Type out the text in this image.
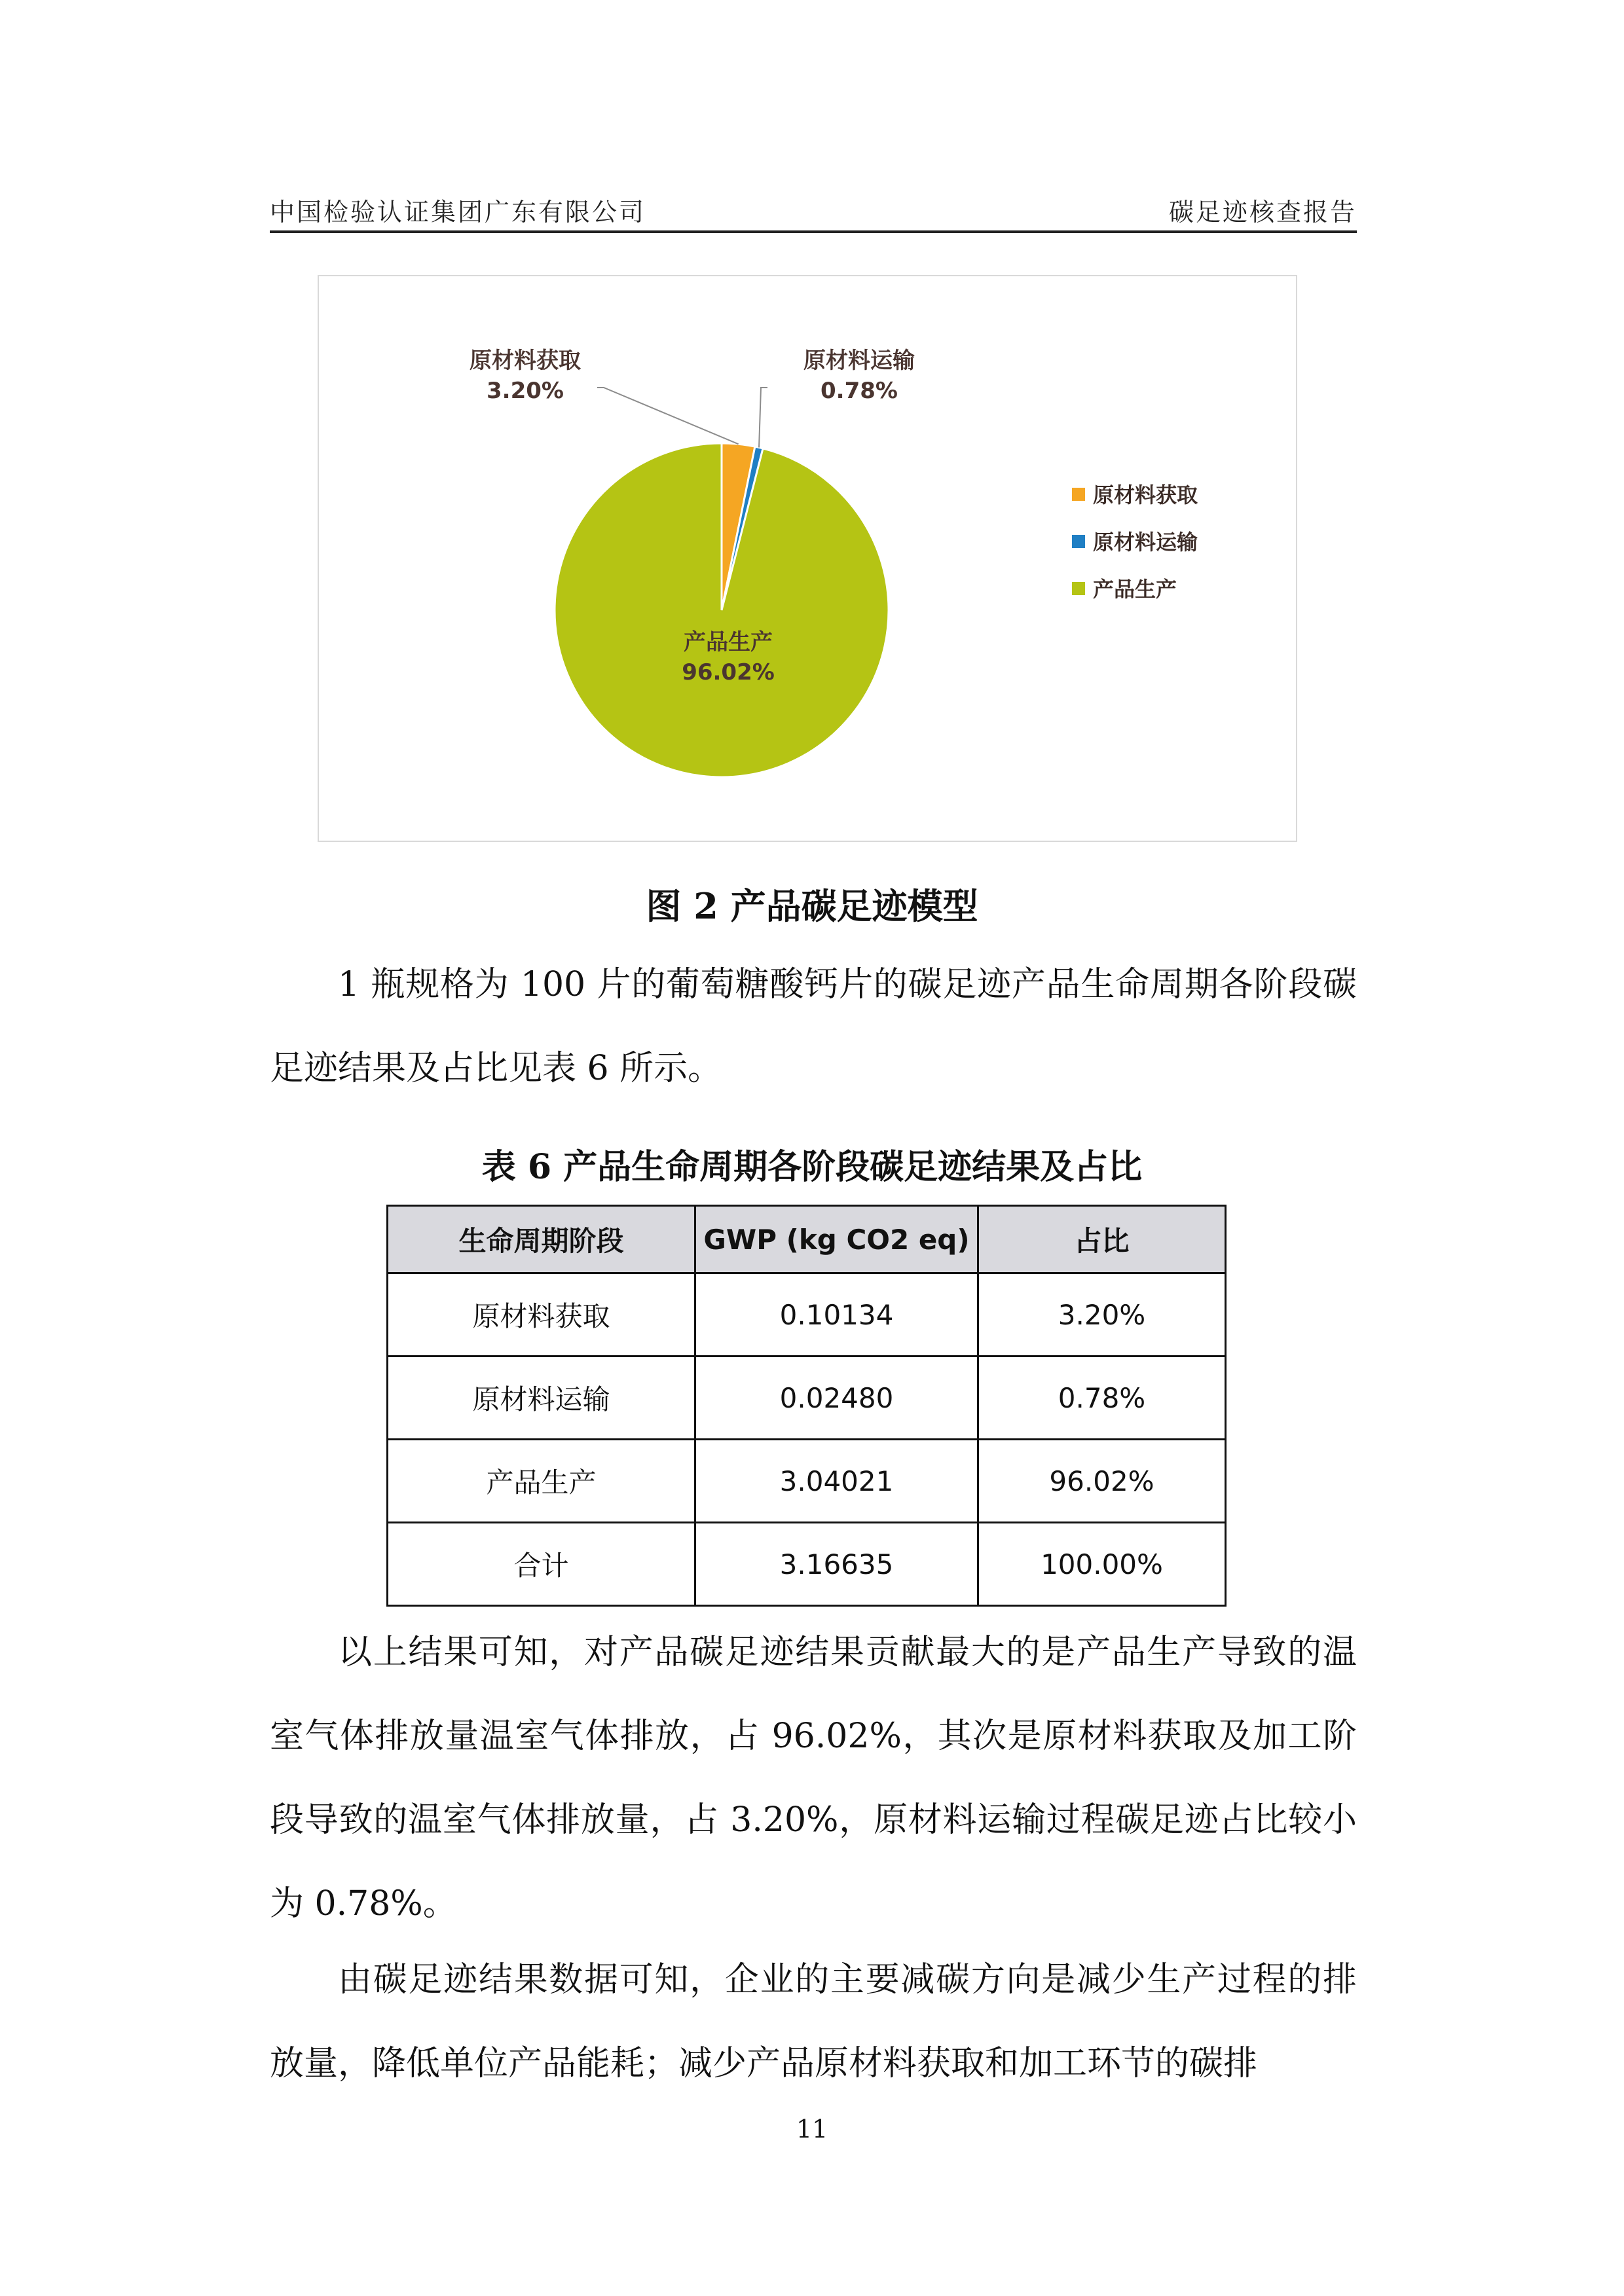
中国检验认证集团广东有限公司	碳足迹核查报告
原材料获取
3.20%
原材料运输
0.78%
产品生产
96.02%
原材料获取
原材料运输
产品生产
图 2 产品碳足迹模型

1 瓶规格为 100 片的葡萄糖酸钙片的碳足迹产品生命周期各阶段碳足迹结果及占比见表 6 所示。

表 6 产品生命周期各阶段碳足迹结果及占比
生命周期阶段	GWP (kg CO2 eq)	占比
原材料获取	0.10134	3.20%
原材料运输	0.02480	0.78%
产品生产	3.04021	96.02%
合计	3.16635	100.00%

以上结果可知，对产品碳足迹结果贡献最大的是产品生产导致的温室气体排放量温室气体排放，占 96.02%，其次是原材料获取及加工阶段导致的温室气体排放量，占 3.20%，原材料运输过程碳足迹占比较小为 0.78%。

由碳足迹结果数据可知，企业的主要减碳方向是减少生产过程的排放量，降低单位产品能耗；减少产品原材料获取和加工环节的碳排

11
